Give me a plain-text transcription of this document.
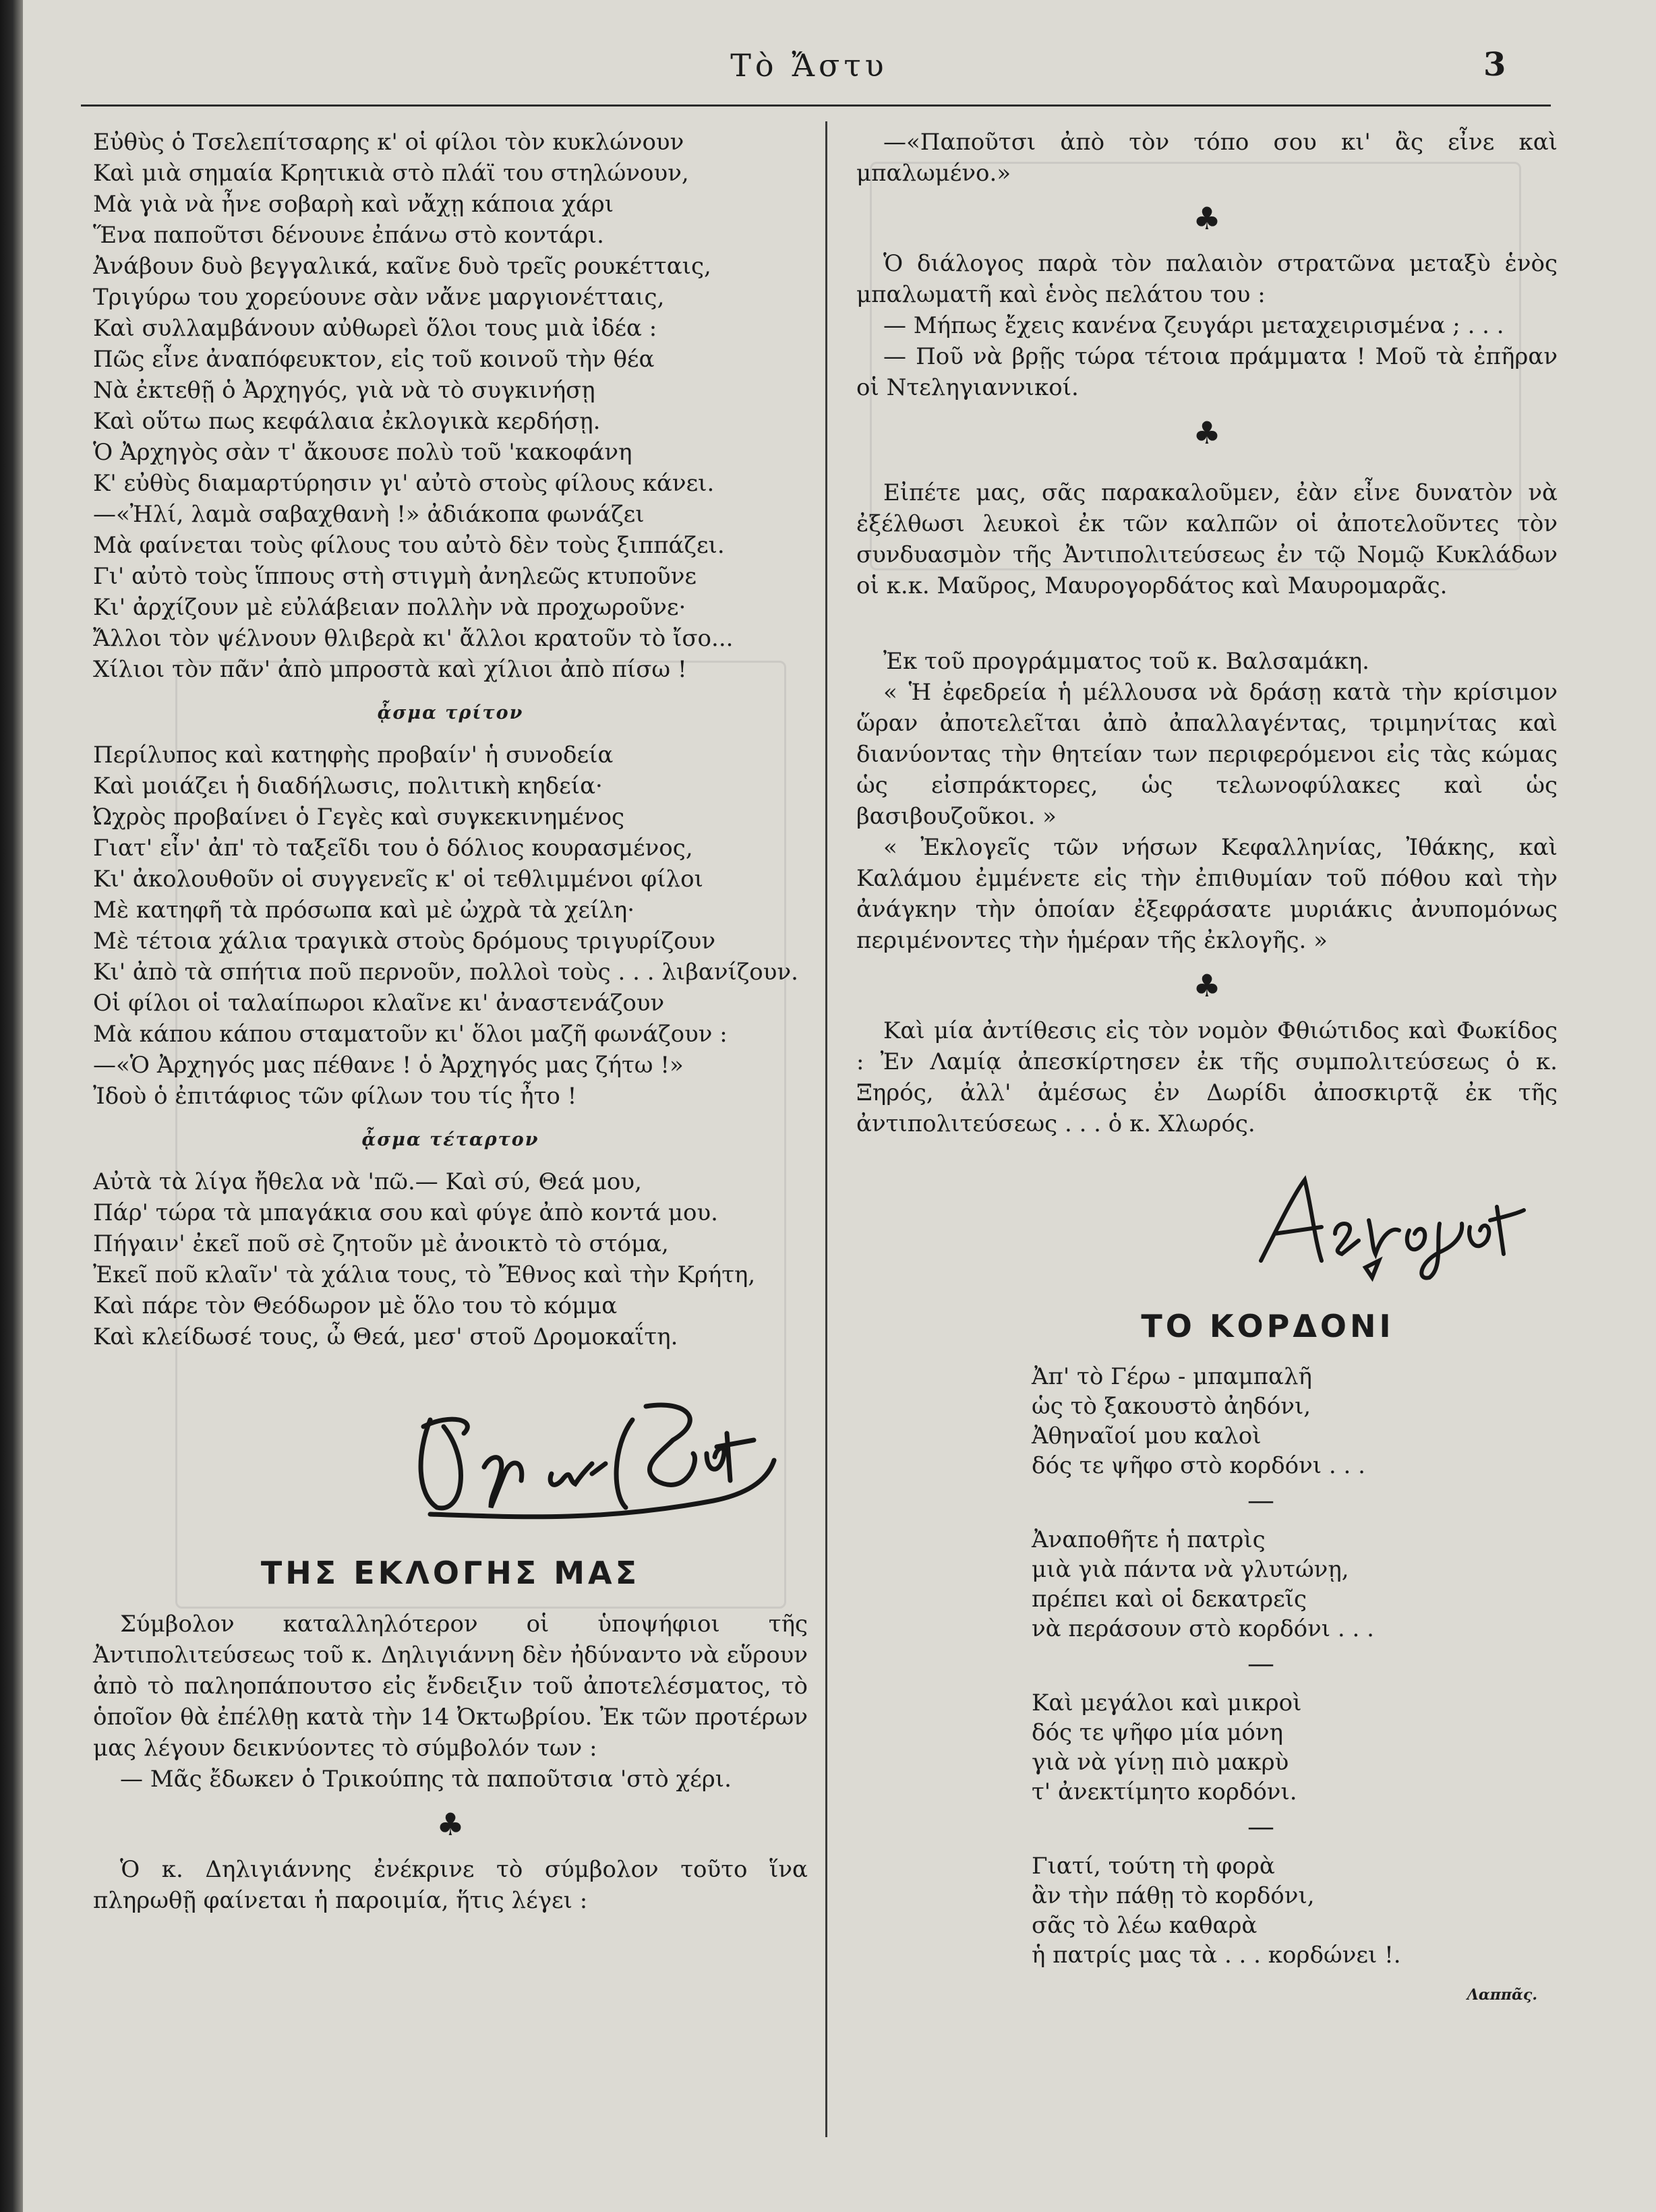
Τὸ Ἄστυ	3
Εὐθὺς ὁ Τσελεπίτσαρης κ' οἱ φίλοι τὸν κυκλώνουν
Καὶ μιὰ σημαία Κρητικιὰ στὸ πλάϊ του στηλώνουν,
Μὰ γιὰ νὰ ἦνε σοβαρὴ καὶ νἄχῃ κάποια χάρι
Ἕνα παποῦτσι δένουνε ἐπάνω στὸ κοντάρι.
Ἀνάβουν δυὸ βεγγαλικά, καῖνε δυὸ τρεῖς ρουκέτταις,
Τριγύρω του χορεύουνε σὰν νἄνε μαργιονέτταις,
Καὶ συλλαμβάνουν αὐθωρεὶ ὅλοι τους μιὰ ἰδέα :
Πῶς εἶνε ἀναπόφευκτον, εἰς τοῦ κοινοῦ τὴν θέα
Νὰ ἐκτεθῇ ὁ Ἀρχηγός, γιὰ νὰ τὸ συγκινήσῃ
Καὶ οὕτω πως κεφάλαια ἐκλογικὰ κερδήσῃ.
Ὁ Ἀρχηγὸς σὰν τ' ἄκουσε πολὺ τοῦ 'κακοφάνη
Κ' εὐθὺς διαμαρτύρησιν γι' αὐτὸ στοὺς φίλους κάνει.
—«Ἠλί, λαμὰ σαβαχθανὴ !» ἀδιάκοπα φωνάζει
Μὰ φαίνεται τοὺς φίλους του αὐτὸ δὲν τοὺς ξιππάζει.
Γι' αὐτὸ τοὺς ἵππους στὴ στιγμὴ ἀνηλεῶς κτυποῦνε
Κι' ἀρχίζουν μὲ εὐλάβειαν πολλὴν νὰ προχωροῦνε·
Ἄλλοι τὸν ψέλνουν θλιβερὰ κι' ἄλλοι κρατοῦν τὸ ἴσο...
Χίλιοι τὸν πᾶν' ἀπὸ μπροστὰ καὶ χίλιοι ἀπὸ πίσω !
ᾆσμα τρίτον
Περίλυπος καὶ κατηφὴς προβαίν' ἡ συνοδεία
Καὶ μοιάζει ἡ διαδήλωσις, πολιτικὴ κηδεία·
Ὠχρὸς προβαίνει ὁ Γεγὲς καὶ συγκεκινημένος
Γιατ' εἶν' ἀπ' τὸ ταξεῖδι του ὁ δόλιος κουρασμένος,
Κι' ἀκολουθοῦν οἱ συγγενεῖς κ' οἱ τεθλιμμένοι φίλοι
Μὲ κατηφῆ τὰ πρόσωπα καὶ μὲ ὠχρὰ τὰ χείλη·
Μὲ τέτοια χάλια τραγικὰ στοὺς δρόμους τριγυρίζουν
Κι' ἀπὸ τὰ σπήτια ποῦ περνοῦν, πολλοὶ τοὺς . . . λιβανίζουν.
Οἱ φίλοι οἱ ταλαίπωροι κλαῖνε κι' ἀναστενάζουν
Μὰ κάπου κάπου σταματοῦν κι' ὅλοι μαζῆ φωνάζουν :
—«Ὁ Ἀρχηγός μας πέθανε ! ὁ Ἀρχηγός μας ζήτω !»
Ἰδοὺ ὁ ἐπιτάφιος τῶν φίλων του τίς ἦτο !
ᾆσμα τέταρτον
Αὐτὰ τὰ λίγα ἤθελα νὰ 'πῶ.— Καὶ σύ, Θεά μου,
Πάρ' τώρα τὰ μπαγάκια σου καὶ φύγε ἀπὸ κοντά μου.
Πήγαιν' ἐκεῖ ποῦ σὲ ζητοῦν μὲ ἀνοικτὸ τὸ στόμα,
Ἐκεῖ ποῦ κλαῖν' τὰ χάλια τους, τὸ Ἔθνος καὶ τὴν Κρήτη,
Καὶ πάρε τὸν Θεόδωρον μὲ ὅλο του τὸ κόμμα
Καὶ κλείδωσέ τους, ὦ Θεά, μεσ' στοῦ Δρομοκαΐτη.
ΤΗΣ ΕΚΛΟΓΗΣ ΜΑΣ
Σύμβολον καταλληλότερον οἱ ὑποψήφιοι τῆς Ἀντιπολιτεύσεως τοῦ κ. Δηλιγιάννη δὲν ἠδύναντο νὰ εὕρουν ἀπὸ τὸ παληοπάπουτσο εἰς ἔνδειξιν τοῦ ἀποτελέσματος, τὸ ὁποῖον θὰ ἐπέλθῃ κατὰ τὴν 14 Ὀκτωβρίου. Ἐκ τῶν προτέρων μας λέγουν δεικνύοντες τὸ σύμβολόν των :
— Μᾶς ἔδωκεν ὁ Τρικούπης τὰ παποῦτσια 'στὸ χέρι.
♣
Ὁ κ. Δηλιγιάννης ἐνέκρινε τὸ σύμβολον τοῦτο ἵνα πληρωθῇ φαίνεται ἡ παροιμία, ἥτις λέγει :
—«Παποῦτσι ἀπὸ τὸν τόπο σου κι' ἂς εἶνε καὶ μπαλωμένο.»
♣
Ὁ διάλογος παρὰ τὸν παλαιὸν στρατῶνα μεταξὺ ἑνὸς μπαλωματῆ καὶ ἑνὸς πελάτου του :
— Μήπως ἔχεις κανένα ζευγάρι μεταχειρισμένα ; . . .
— Ποῦ νὰ βρῇς τώρα τέτοια πράμματα ! Μοῦ τὰ ἐπῆραν οἱ Ντεληγιαννικοί.
♣
Εἰπέτε μας, σᾶς παρακαλοῦμεν, ἐὰν εἶνε δυνατὸν νὰ ἐξέλθωσι λευκοὶ ἐκ τῶν καλπῶν οἱ ἀποτελοῦντες τὸν συνδυασμὸν τῆς Ἀντιπολιτεύσεως ἐν τῷ Νομῷ Κυκλάδων οἱ κ.κ. Μαῦρος, Μαυρογορδάτος καὶ Μαυρομαρᾶς.
Ἐκ τοῦ προγράμματος τοῦ κ. Βαλσαμάκη.
« Ἡ ἐφεδρεία ἡ μέλλουσα νὰ δράσῃ κατὰ τὴν κρίσιμον ὥραν ἀποτελεῖται ἀπὸ ἀπαλλαγέντας, τριμηνίτας καὶ διανύοντας τὴν θητείαν των περιφερόμενοι εἰς τὰς κώμας ὡς εἰσπράκτορες, ὡς τελωνοφύλακες καὶ ὡς βασιβουζοῦκοι. »
« Ἐκλογεῖς τῶν νήσων Κεφαλληνίας, Ἰθάκης, καὶ Καλάμου ἐμμένετε εἰς τὴν ἐπιθυμίαν τοῦ πόθου καὶ τὴν ἀνάγκην τὴν ὁποίαν ἐξεφράσατε μυριάκις ἀνυπομόνως περιμένοντες τὴν ἡμέραν τῆς ἐκλογῆς. »
♣
Καὶ μία ἀντίθεσις εἰς τὸν νομὸν Φθιώτιδος καὶ Φωκίδος : Ἐν Λαμίᾳ ἀπεσκίρτησεν ἐκ τῆς συμπολιτεύσεως ὁ κ. Ξηρός, ἀλλ' ἀμέσως ἐν Δωρίδι ἀποσκιρτᾷ ἐκ τῆς ἀντιπολιτεύσεως . . . ὁ κ. Χλωρός.
ΤΟ ΚΟΡΔΟΝΙ
Ἀπ' τὸ Γέρω - μπαμπαλῆ
ὡς τὸ ξακουστὸ ἀηδόνι,
Ἀθηναῖοί μου καλοὶ
δός τε ψῆφο στὸ κορδόνι . . .
—
Ἀναποθῆτε ἡ πατρὶς
μιὰ γιὰ πάντα νὰ γλυτώνῃ,
πρέπει καὶ οἱ δεκατρεῖς
νὰ περάσουν στὸ κορδόνι . . .
—
Καὶ μεγάλοι καὶ μικροὶ
δός τε ψῆφο μία μόνη
γιὰ νὰ γίνῃ πιὸ μακρὺ
τ' ἀνεκτίμητο κορδόνι.
—
Γιατί, τούτη τὴ φορὰ
ἂν τὴν πάθῃ τὸ κορδόνι,
σᾶς τὸ λέω καθαρὰ
ἡ πατρίς μας τὰ . . . κορδώνει !.
Λαππᾶς.
